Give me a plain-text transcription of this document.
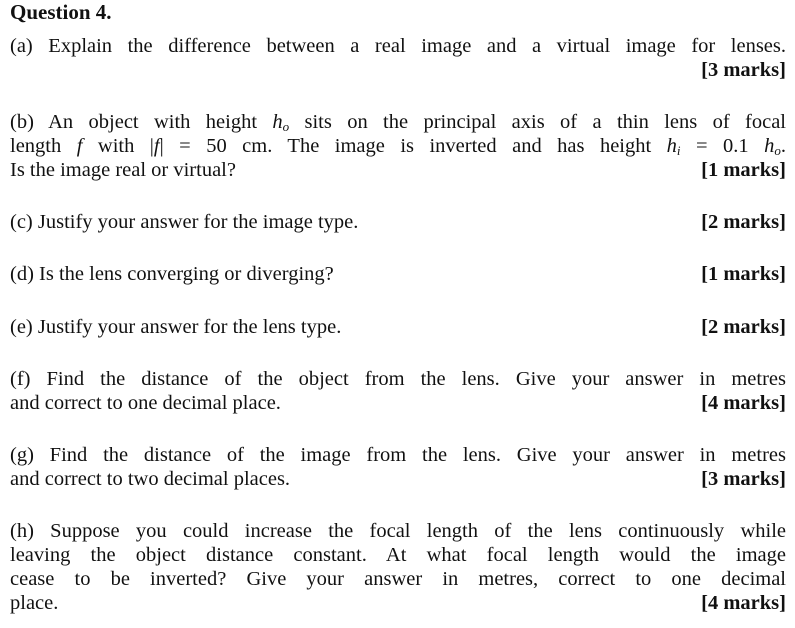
Question 4.
(a) Explain the difference between a real image and a virtual image for lenses.
[3 marks]
(b) An object with height $h_o$ sits on the principal axis of a thin lens of focal
length f with |f| = 50 cm. The image is inverted and has height $h_i = 0.1$ $h_o$.
Is the image real or virtual?	[1 marks]
(c) Justify your answer for the image type.	[2 marks]
(d) Is the lens converging or diverging?	[1 marks]
(e) Justify your answer for the lens type.	[2 marks]
(f) Find the distance of the object from the lens. Give your answer in metres
and correct to one decimal place.	[4 marks]
(g) Find the distance of the image from the lens. Give your answer in metres
and correct to two decimal places.	[3 marks]
(h) Suppose you could increase the focal length of the lens continuously while
leaving the object distance constant. At what focal length would the image
cease to be inverted? Give your answer in metres, correct to one decimal
place.	[4 marks]
